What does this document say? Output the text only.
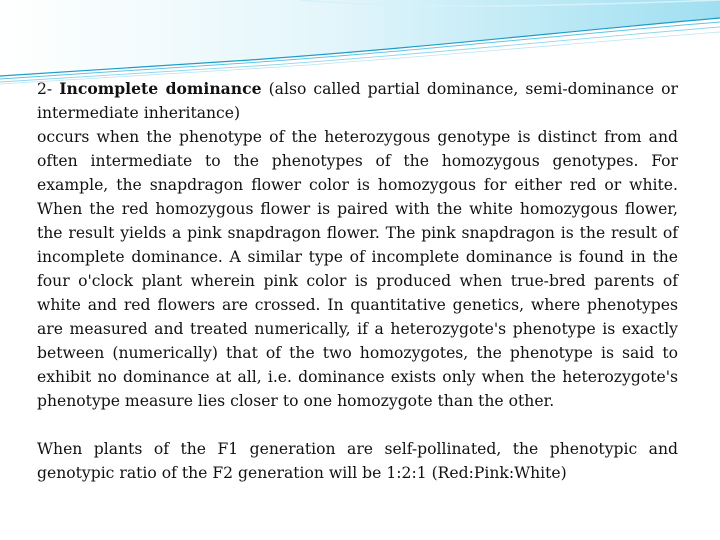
2- Incomplete dominance (also called partial dominance, semi-dominance or intermediate inheritance)
occurs when the phenotype of the heterozygous genotype is distinct from and often intermediate to the phenotypes of the homozygous genotypes. For example, the snapdragon flower color is homozygous for either red or white. When the red homozygous flower is paired with the white homozygous flower, the result yields a pink snapdragon flower. The pink snapdragon is the result of incomplete dominance. A similar type of incomplete dominance is found in the four o'clock plant wherein pink color is produced when true-bred parents of white and red flowers are crossed. In quantitative genetics, where phenotypes are measured and treated numerically, if a heterozygote's phenotype is exactly between (numerically) that of the two homozygotes, the phenotype is said to exhibit no dominance at all, i.e. dominance exists only when the heterozygote's phenotype measure lies closer to one homozygote than the other.

When plants of the F1 generation are self-pollinated, the phenotypic and genotypic ratio of the F2 generation will be 1:2:1 (Red:Pink:White)
